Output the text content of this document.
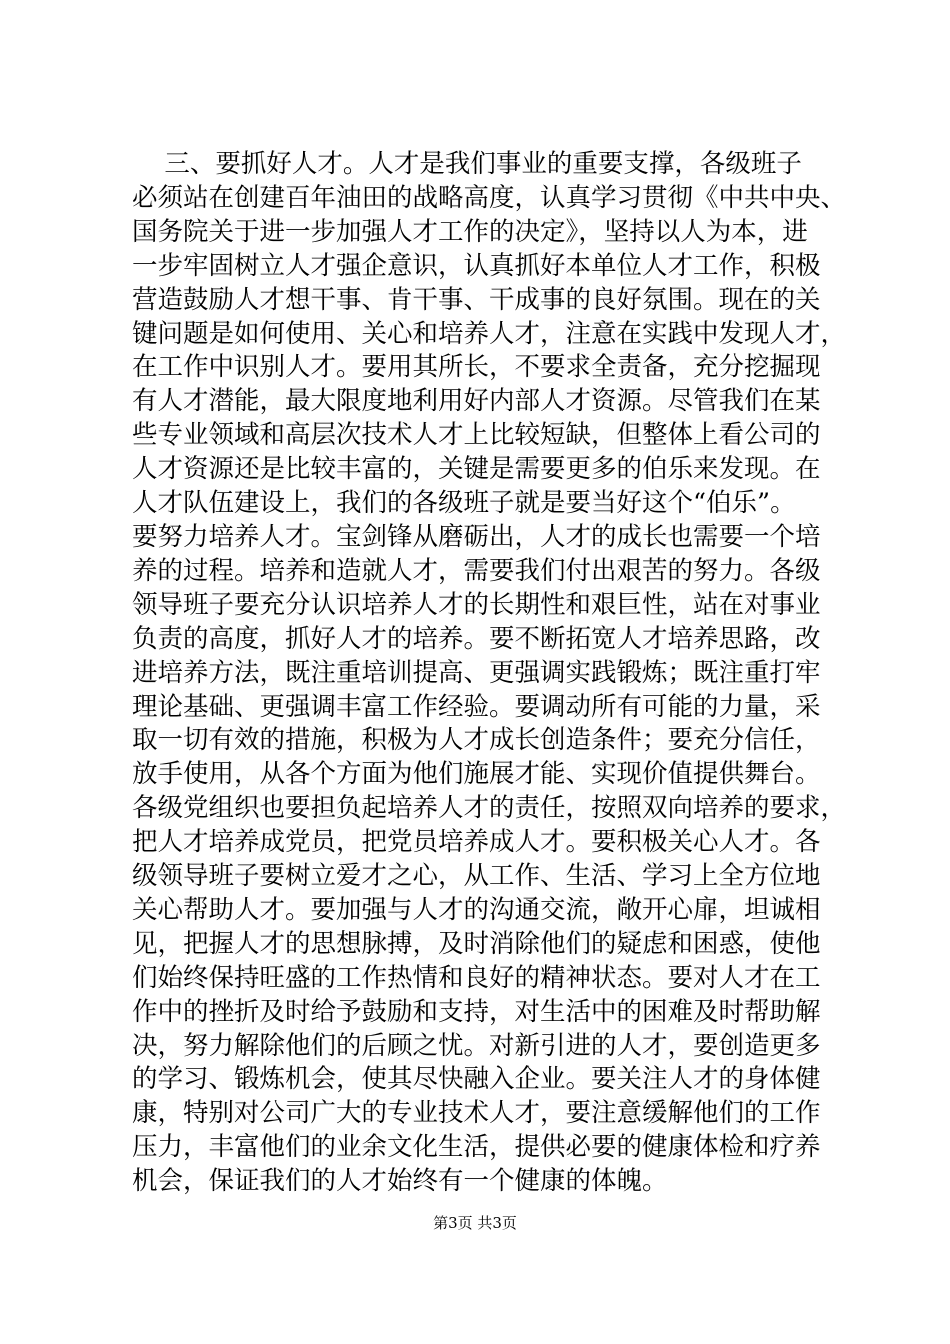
三、要抓好人才。人才是我们事业的重要支撑，各级班子
必须站在创建百年油田的战略高度，认真学习贯彻《中共中央、
国务院关于进一步加强人才工作的决定》，坚持以人为本，进
一步牢固树立人才强企意识，认真抓好本单位人才工作，积极
营造鼓励人才想干事、肯干事、干成事的良好氛围。现在的关
键问题是如何使用、关心和培养人才，注意在实践中发现人才，
在工作中识别人才。要用其所长，不要求全责备，充分挖掘现
有人才潜能，最大限度地利用好内部人才资源。尽管我们在某
些专业领域和高层次技术人才上比较短缺，但整体上看公司的
人才资源还是比较丰富的，关键是需要更多的伯乐来发现。在
人才队伍建设上，我们的各级班子就是要当好这个“伯乐”。
要努力培养人才。宝剑锋从磨砺出，人才的成长也需要一个培
养的过程。培养和造就人才，需要我们付出艰苦的努力。各级
领导班子要充分认识培养人才的长期性和艰巨性，站在对事业
负责的高度，抓好人才的培养。要不断拓宽人才培养思路，改
进培养方法，既注重培训提高、更强调实践锻炼；既注重打牢
理论基础、更强调丰富工作经验。要调动所有可能的力量，采
取一切有效的措施，积极为人才成长创造条件；要充分信任，
放手使用，从各个方面为他们施展才能、实现价值提供舞台。
各级党组织也要担负起培养人才的责任，按照双向培养的要求，
把人才培养成党员，把党员培养成人才。要积极关心人才。各
级领导班子要树立爱才之心，从工作、生活、学习上全方位地
关心帮助人才。要加强与人才的沟通交流，敞开心扉，坦诚相
见，把握人才的思想脉搏，及时消除他们的疑虑和困惑，使他
们始终保持旺盛的工作热情和良好的精神状态。要对人才在工
作中的挫折及时给予鼓励和支持，对生活中的困难及时帮助解
决，努力解除他们的后顾之忧。对新引进的人才，要创造更多
的学习、锻炼机会，使其尽快融入企业。要关注人才的身体健
康，特别对公司广大的专业技术人才，要注意缓解他们的工作
压力，丰富他们的业余文化生活，提供必要的健康体检和疗养
机会，保证我们的人才始终有一个健康的体魄。
第3页 共3页
